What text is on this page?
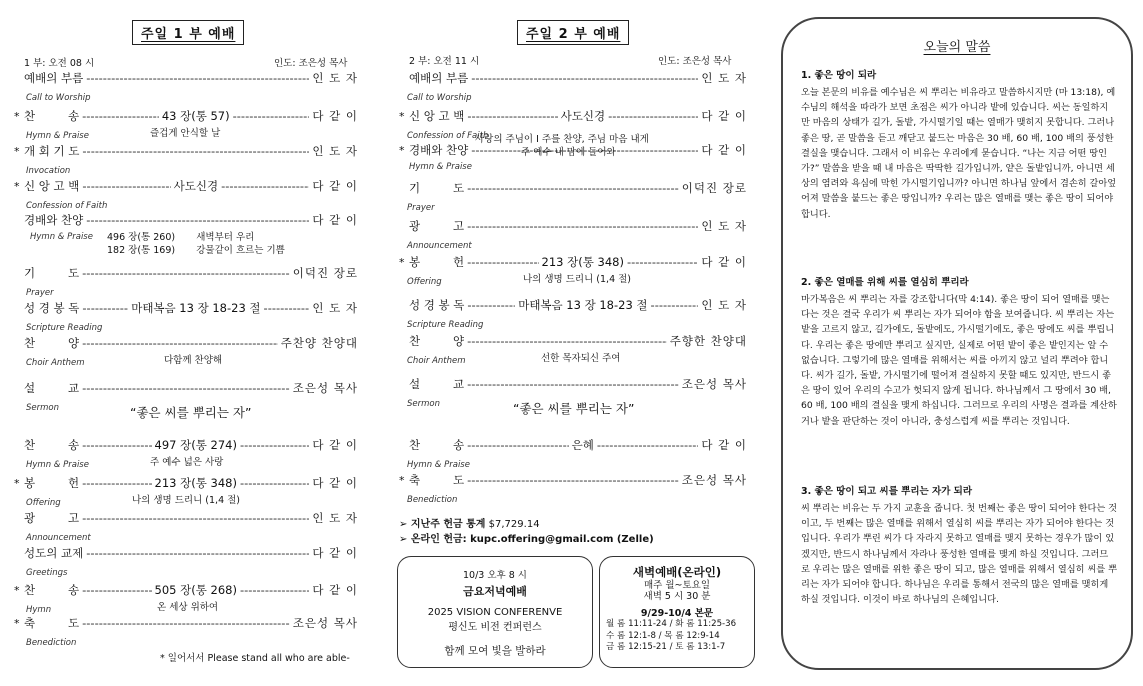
주일 1 부 예배
1 부: 오전 08 시	인도: 조은성 목사
예배의 부름 -----	인 도 자
Call to Worship
* 찬         송 -----	43 장(통 57) -----	다 같 이
Hymn & Praise	즐겁게 안식할 날
* 개 회 기 도 -----	인 도 자
Invocation
* 신 앙 고 백 -----	사도신경 -----	다 같 이
Confession of Faith
경배와 찬양 -----	다 같 이
Hymn & Praise 496 장(통 260)       새벽부터 우리
182 장(통 169)       강물같이 흐르는 기쁨
기         도 -----	이덕진 장로
Prayer
성 경 봉 독 -----	마태복음 13 장 18-23 절 -----	인 도 자
Scripture Reading
찬         양 -----	주찬양 찬양대
Choir Anthem	다함께 찬양해
설         교 -----	조은성 목사
Sermon	“좋은 씨를 뿌리는 자”
찬         송 -----	497 장(통 274) -----	다 같 이
Hymn & Praise	주 예수 넓은 사랑
* 봉         헌 -----	213 장(통 348) -----	다 같 이
Offering	나의 생명 드리니 (1,4 절)
광         고 -----	인 도 자
Announcement
성도의 교제 -----	다 같 이
Greetings
* 찬         송 -----	505 장(통 268) -----	다 같 이
Hymn	온 세상 위하여
* 축         도 -----	조은성 목사
Benediction
* 일어서서 Please stand all who are able-
주일 2 부 예배
2 부: 오전 11 시	인도: 조은성 목사
예배의 부름 -----	인 도 자
Call to Worship
* 신 앙 고 백 -----	사도신경 -----	다 같 이
Confession of Faith
* 경배와 찬양 -----	다 같 이
Hymn & Praise
사랑의 주님이 I 주를 찬양, 주님 마음 내게
주 예수 내 맘에 들어와
기         도 -----	이덕진 장로
Prayer
광         고 -----	인 도 자
Announcement
* 봉         헌 -----	213 장(통 348) -----	다 같 이
Offering	나의 생명 드리니 (1,4 절)
성 경 봉 독 -----	마태복음 13 장 18-23 절 -----	인 도 자
Scripture Reading
찬         양 -----	주향한 찬양대
Choir Anthem	선한 목자되신 주여
설         교 -----	조은성 목사
Sermon	“좋은 씨를 뿌리는 자”
찬         송 -----	은혜 -----	다 같 이
Hymn & Praise
* 축         도 -----	조은성 목사
Benediction
➢ 지난주 헌금 통계 $7,729.14
➢ 온라인 헌금: kupc.offering@gmail.com (Zelle)
10/3 오후 8 시
금요저녁예배
2025 VISION CONFERENVE
평신도 비전 컨퍼런스
함께 모여 빛을 발하라
새벽예배(온라인)
매주 월~토요일
새벽 5 시 30 분
9/29-10/4 본문
월 롬 11:11-24 / 화 롬 11:25-36
수 롬 12:1-8 / 목 롬 12:9-14
금 롬 12:15-21 / 토 롬 13:1-7
오늘의 말씀
1. 좋은 땅이 되라

오늘 본문의 비유를 예수님은 씨 뿌리는 비유라고 말씀하시지만 (마 13:18), 예수님의 해석을 따라가 보면 초점은 씨가 아니라 밭에 있습니다. 씨는 동일하지만 마음의 상태가 길가, 돌밭, 가시떨기일 때는 열매가 맺히지 못합니다. 그러나 좋은 땅, 곧 말씀을 듣고 깨닫고 붙드는 마음은 30 배, 60 배, 100 배의 풍성한 결실을 맺습니다. 그래서 이 비유는 우리에게 묻습니다. “나는 지금 어떤 땅인가?” 말씀을 받을 때 내 마음은 딱딱한 길가입니까, 얕은 돌밭입니까, 아니면 세상의 염려와 욕심에 막힌 가시떨기입니까? 아니면 하나님 앞에서 겸손히 갈아엎어져 말씀을 붙드는 좋은 땅입니까? 우리는 많은 열매를 맺는 좋은 땅이 되어야 합니다.

2. 좋은 열매를 위해 씨를 열심히 뿌리라

마가복음은 씨 뿌리는 자를 강조합니다(막 4:14). 좋은 땅이 되어 열매를 맺는다는 것은 결국 우리가 씨 뿌리는 자가 되어야 함을 보여줍니다. 씨 뿌리는 자는 밭을 고르지 않고, 길가에도, 돌밭에도, 가시떨기에도, 좋은 땅에도 씨를 뿌립니다. 우리는 좋은 땅에만 뿌리고 싶지만, 실제로 어떤 밭이 좋은 밭인지는 알 수 없습니다. 그렇기에 많은 열매를 위해서는 씨를 아끼지 않고 널리 뿌려야 합니다. 씨가 길가, 돌밭, 가시떨기에 떨어져 결실하지 못할 때도 있지만, 반드시 좋은 땅이 있어 우리의 수고가 헛되지 않게 됩니다. 하나님께서 그 땅에서 30 배, 60 배, 100 배의 결실을 맺게 하십니다. 그러므로 우리의 사명은 결과를 계산하거나 밭을 판단하는 것이 아니라, 충성스럽게 씨를 뿌리는 것입니다.

3. 좋은 땅이 되고 씨를 뿌리는 자가 되라

씨 뿌리는 비유는 두 가지 교훈을 줍니다. 첫 번째는 좋은 땅이 되어야 한다는 것이고, 두 번째는 많은 열매를 위해서 열심히 씨를 뿌리는 자가 되어야 한다는 것입니다. 우리가 뿌린 씨가 다 자라지 못하고 열매를 맺지 못하는 경우가 많이 있겠지만, 반드시 하나님께서 자라나 풍성한 열매를 맺게 하실 것입니다. 그러므로 우리는 많은 열매를 위한 좋은 땅이 되고, 많은 열매를 위해서 열심히 씨를 뿌리는 자가 되어야 합니다. 하나님은 우리를 통해서 전국의 많은 열매를 맺히게 하실 것입니다. 이것이 바로 하나님의 은혜입니다.
